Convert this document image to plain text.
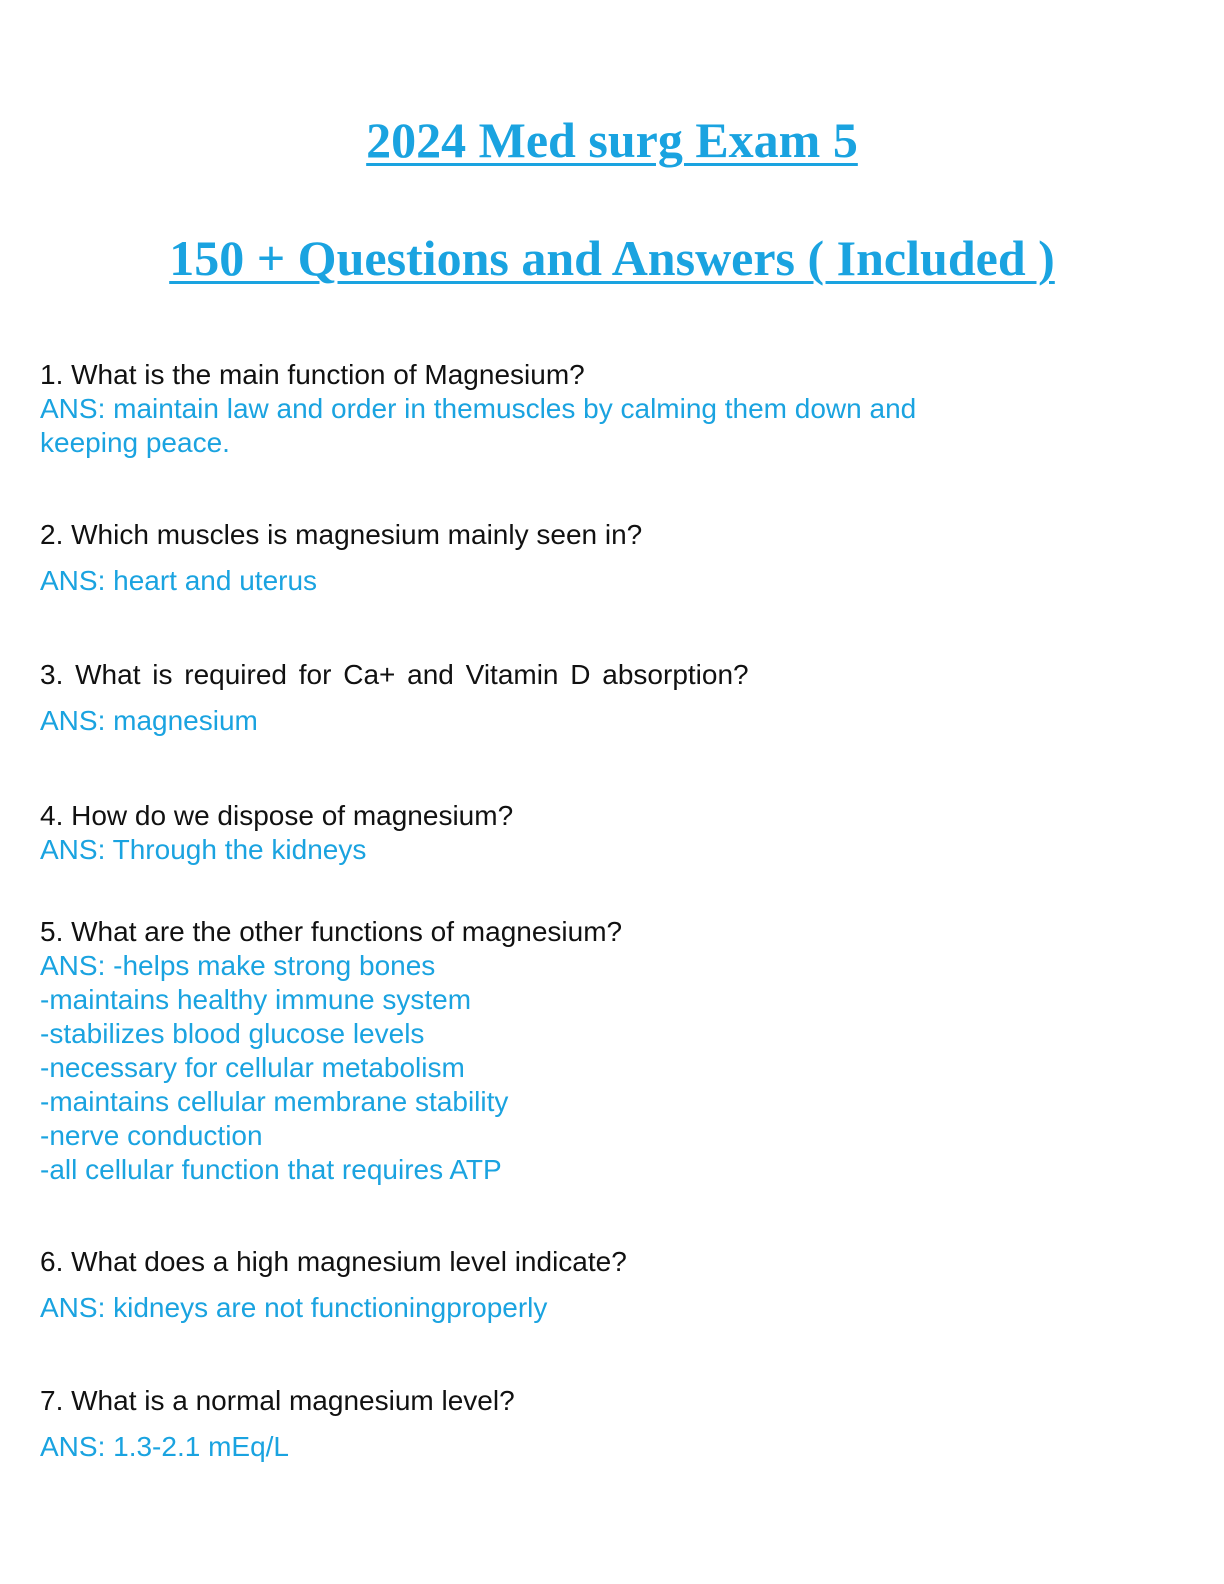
2024 Med surg Exam 5
150 + Questions and Answers ( Included )

1. What is the main function of Magnesium?

ANS: maintain law and order in themuscles by calming them down and
keeping peace.

2. Which muscles is magnesium mainly seen in?

ANS: heart and uterus

3. What is required for Ca+ and Vitamin D absorption?

ANS: magnesium

4. How do we dispose of magnesium?

ANS: Through the kidneys

5. What are the other functions of magnesium?

ANS: -helps make strong bones
-maintains healthy immune system
-stabilizes blood glucose levels
-necessary for cellular metabolism
-maintains cellular membrane stability
-nerve conduction
-all cellular function that requires ATP

6. What does a high magnesium level indicate?

ANS: kidneys are not functioningproperly

7. What is a normal magnesium level?

ANS: 1.3-2.1 mEq/L
